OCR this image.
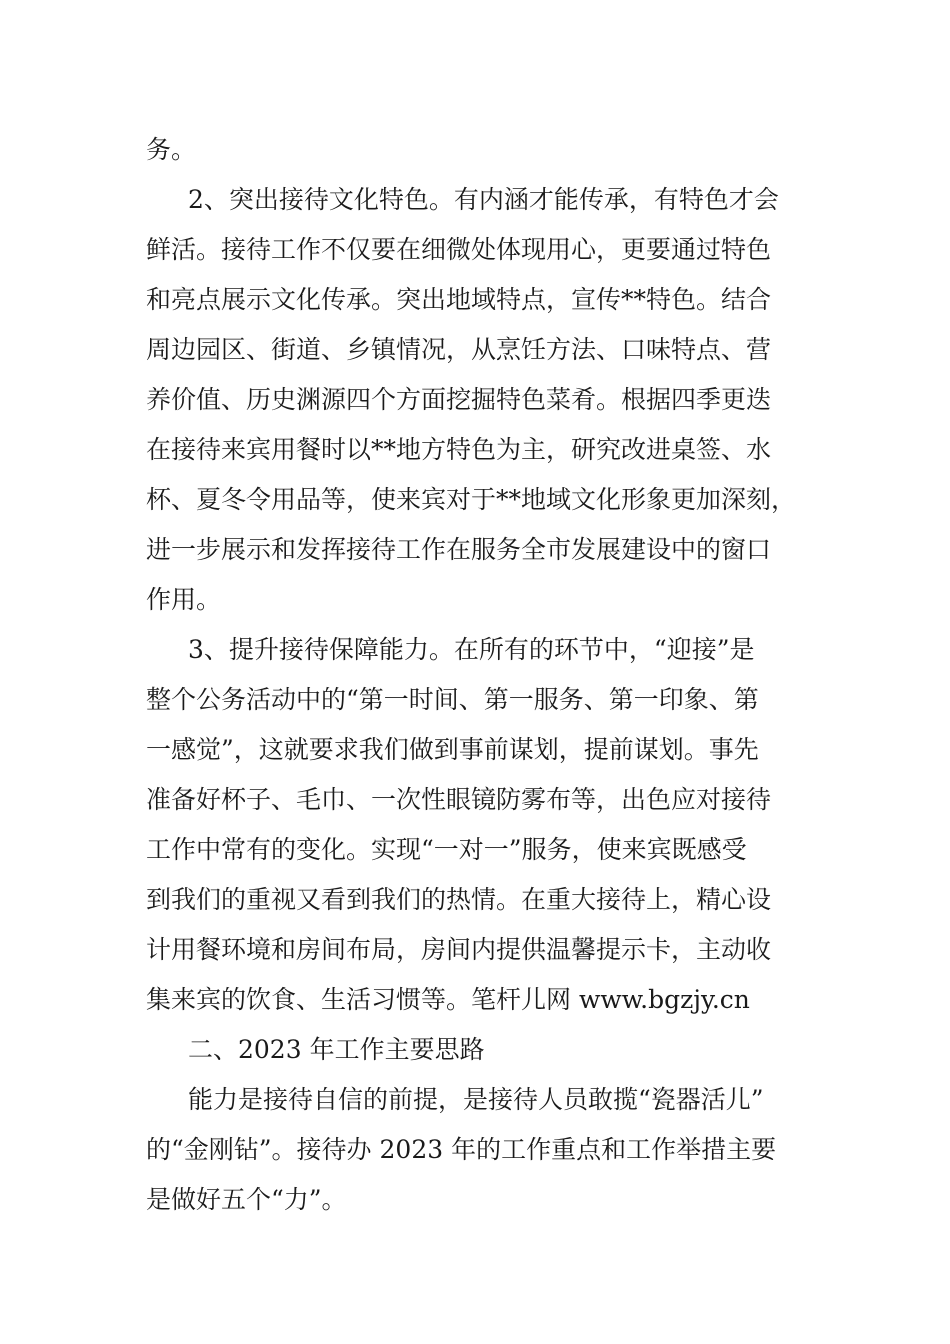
务。
2、突出接待文化特色。有内涵才能传承，有特色才会
鲜活。接待工作不仅要在细微处体现用心，更要通过特色
和亮点展示文化传承。突出地域特点，宣传**特色。结合
周边园区、街道、乡镇情况，从烹饪方法、口味特点、营
养价值、历史渊源四个方面挖掘特色菜肴。根据四季更迭
在接待来宾用餐时以**地方特色为主，研究改进桌签、水
杯、夏冬令用品等，使来宾对于**地域文化形象更加深刻，
进一步展示和发挥接待工作在服务全市发展建设中的窗口
作用。
3、提升接待保障能力。在所有的环节中，“迎接”是
整个公务活动中的“第一时间、第一服务、第一印象、第
一感觉”，这就要求我们做到事前谋划，提前谋划。事先
准备好杯子、毛巾、一次性眼镜防雾布等，出色应对接待
工作中常有的变化。实现“一对一”服务，使来宾既感受
到我们的重视又看到我们的热情。在重大接待上，精心设
计用餐环境和房间布局，房间内提供温馨提示卡，主动收
集来宾的饮食、生活习惯等。笔杆儿网 www.bgzjy.cn
二、2023 年工作主要思路
能力是接待自信的前提，是接待人员敢揽“瓷器活儿”
的“金刚钻”。接待办 2023 年的工作重点和工作举措主要
是做好五个“力”。
